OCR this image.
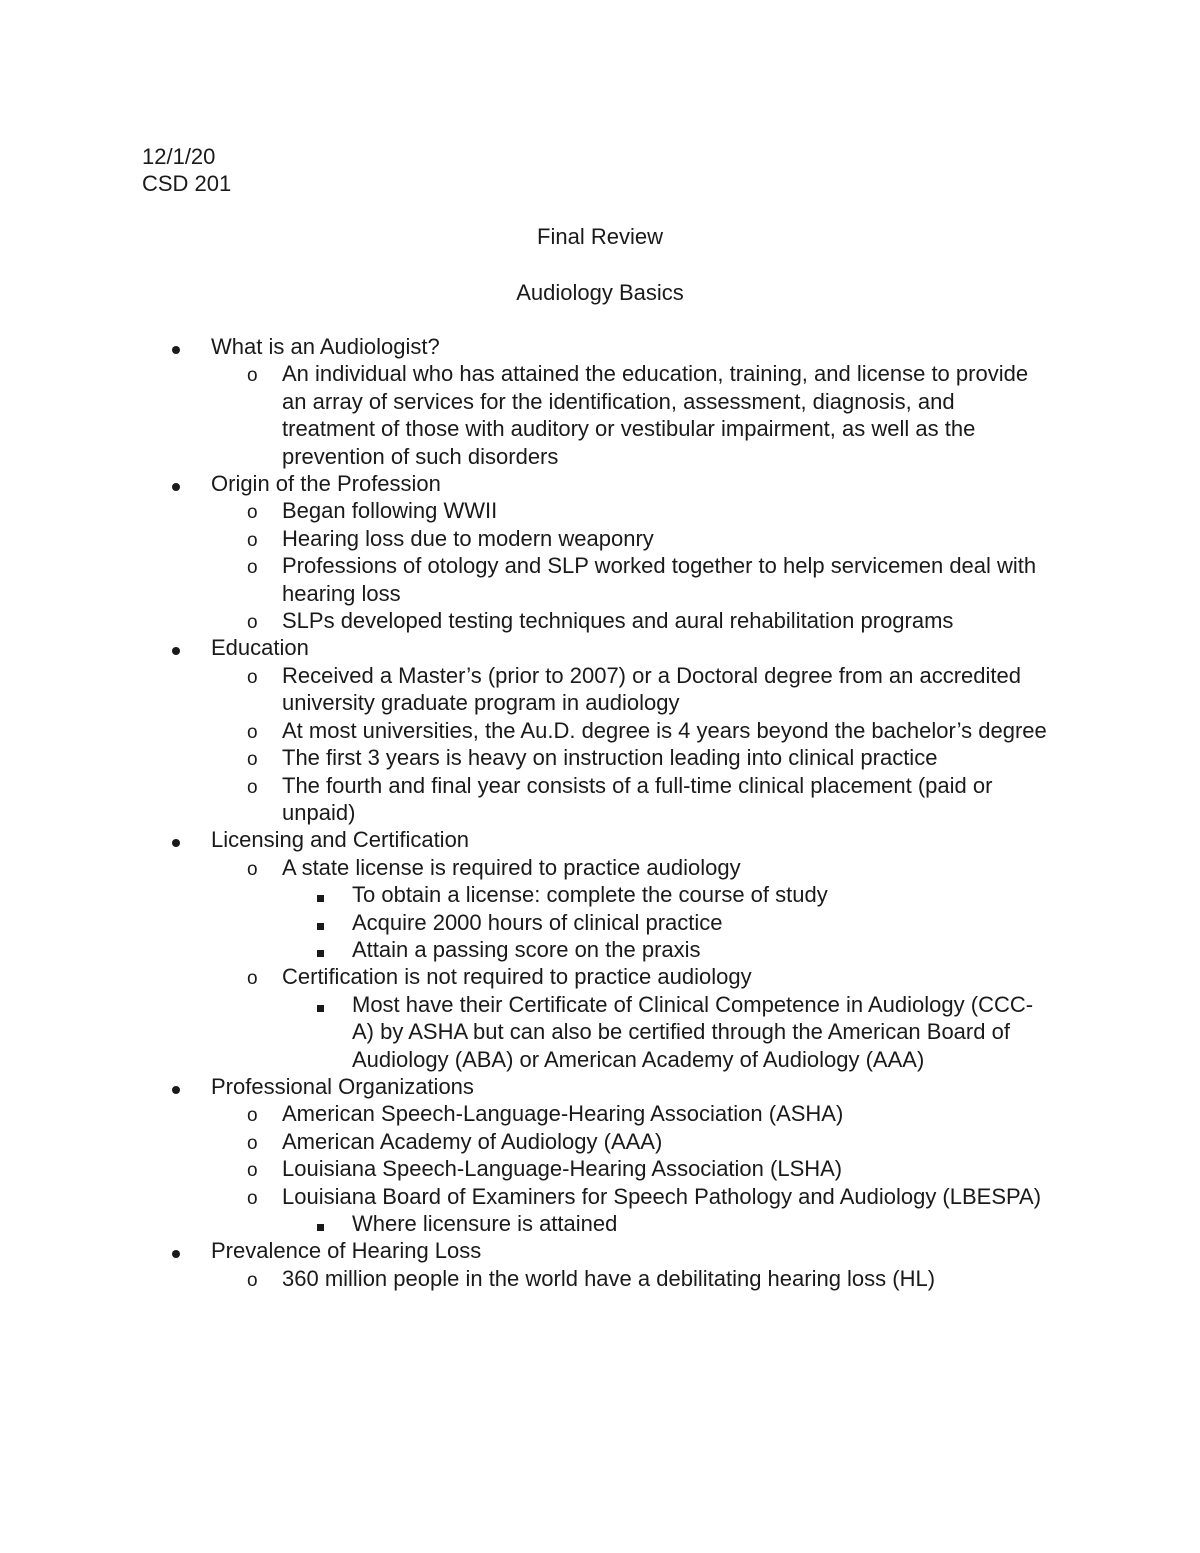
12/1/20
CSD 201
Final Review
Audiology Basics
What is an Audiologist?
o	An individual who has attained the education, training, and license to provide an array of services for the identification, assessment, diagnosis, and treatment of those with auditory or vestibular impairment, as well as the prevention of such disorders
Origin of the Profession
o	Began following WWII
o	Hearing loss due to modern weaponry
o	Professions of otology and SLP worked together to help servicemen deal with hearing loss
o	SLPs developed testing techniques and aural rehabilitation programs
Education
o	Received a Master’s (prior to 2007) or a Doctoral degree from an accredited university graduate program in audiology
o	At most universities, the Au.D. degree is 4 years beyond the bachelor’s degree
o	The first 3 years is heavy on instruction leading into clinical practice
o	The fourth and final year consists of a full-time clinical placement (paid or unpaid)
Licensing and Certification
o	A state license is required to practice audiology
To obtain a license: complete the course of study
Acquire 2000 hours of clinical practice
Attain a passing score on the praxis
o	Certification is not required to practice audiology
Most have their Certificate of Clinical Competence in Audiology (CCC-A) by ASHA but can also be certified through the American Board of Audiology (ABA) or American Academy of Audiology (AAA)
Professional Organizations
o	American Speech-Language-Hearing Association (ASHA)
o	American Academy of Audiology (AAA)
o	Louisiana Speech-Language-Hearing Association (LSHA)
o	Louisiana Board of Examiners for Speech Pathology and Audiology (LBESPA)
Where licensure is attained
Prevalence of Hearing Loss
o	360 million people in the world have a debilitating hearing loss (HL)
